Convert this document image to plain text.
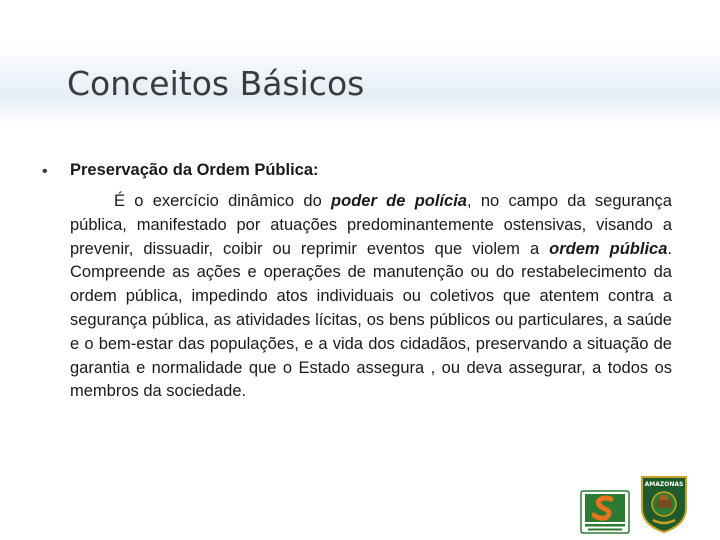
Conceitos Básicos
• Preservação da Ordem Pública:

É o exercício dinâmico do poder de polícia, no campo da segurança pública, manifestado por atuações predominantemente ostensivas, visando a prevenir, dissuadir, coibir ou reprimir eventos que violem a ordem pública. Compreende as ações e operações de manutenção ou do restabelecimento da ordem pública, impedindo atos individuais ou coletivos que atentem contra a segurança pública, as atividades lícitas, os bens públicos ou particulares, a saúde e o bem-estar das populações, e a vida dos cidadãos, preservando a situação de garantia e normalidade que o Estado assegura , ou deva assegurar, a todos os membros da sociedade.

AMAZONAS
